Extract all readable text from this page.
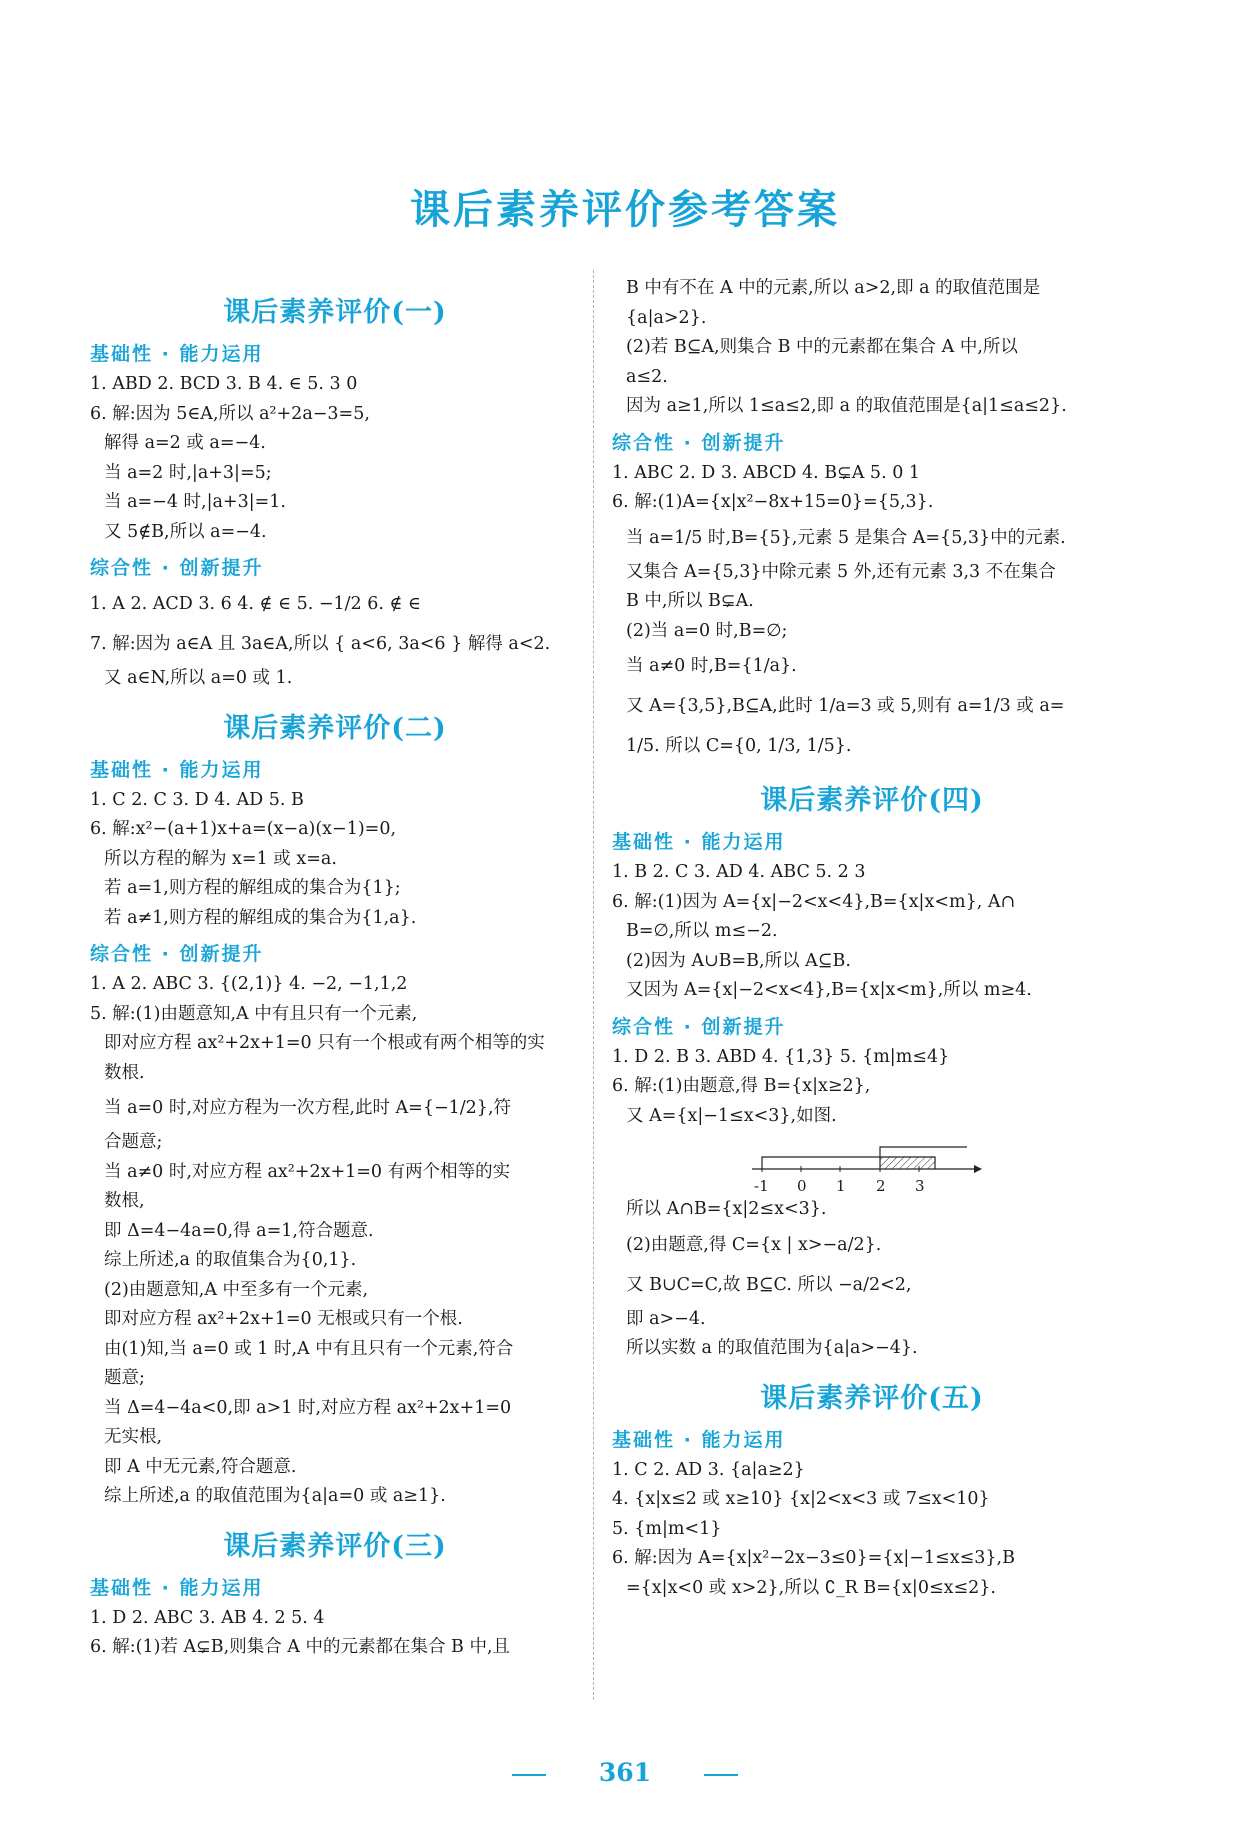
课后素养评价参考答案
课后素养评价(一)
基础性 · 能力运用
1. ABD 2. BCD 3. B 4. ∈ 5. 3 0
6. 解:因为 5∈A,所以 a²+2a−3=5,
解得 a=2 或 a=−4.
当 a=2 时,|a+3|=5;
当 a=−4 时,|a+3|=1.
又 5∉B,所以 a=−4.
综合性 · 创新提升
1. A 2. ACD 3. 6 4. ∉ ∈ 5. −1/2 6. ∉ ∈
7. 解:因为 a∈A 且 3a∈A,所以 { a<6, 3a<6 } 解得 a<2.
又 a∈N,所以 a=0 或 1.
课后素养评价(二)
基础性 · 能力运用
1. C 2. C 3. D 4. AD 5. B
6. 解:x²−(a+1)x+a=(x−a)(x−1)=0,
所以方程的解为 x=1 或 x=a.
若 a=1,则方程的解组成的集合为{1};
若 a≠1,则方程的解组成的集合为{1,a}.
综合性 · 创新提升
1. A 2. ABC 3. {(2,1)} 4. −2, −1,1,2
5. 解:(1)由题意知,A 中有且只有一个元素,
即对应方程 ax²+2x+1=0 只有一个根或有两个相等的实
数根.
当 a=0 时,对应方程为一次方程,此时 A={−1/2},符
合题意;
当 a≠0 时,对应方程 ax²+2x+1=0 有两个相等的实
数根,
即 Δ=4−4a=0,得 a=1,符合题意.
综上所述,a 的取值集合为{0,1}.
(2)由题意知,A 中至多有一个元素,
即对应方程 ax²+2x+1=0 无根或只有一个根.
由(1)知,当 a=0 或 1 时,A 中有且只有一个元素,符合
题意;
当 Δ=4−4a<0,即 a>1 时,对应方程 ax²+2x+1=0
无实根,
即 A 中无元素,符合题意.
综上所述,a 的取值范围为{a|a=0 或 a≥1}.
课后素养评价(三)
基础性 · 能力运用
1. D 2. ABC 3. AB 4. 2 5. 4
6. 解:(1)若 A⊊B,则集合 A 中的元素都在集合 B 中,且
B 中有不在 A 中的元素,所以 a>2,即 a 的取值范围是
{a|a>2}.
(2)若 B⊆A,则集合 B 中的元素都在集合 A 中,所以
a≤2.
因为 a≥1,所以 1≤a≤2,即 a 的取值范围是{a|1≤a≤2}.
综合性 · 创新提升
1. ABC 2. D 3. ABCD 4. B⊊A 5. 0 1
6. 解:(1)A={x|x²−8x+15=0}={5,3}.
当 a=1/5 时,B={5},元素 5 是集合 A={5,3}中的元素.
又集合 A={5,3}中除元素 5 外,还有元素 3,3 不在集合
B 中,所以 B⊊A.
(2)当 a=0 时,B=∅;
当 a≠0 时,B={1/a}.
又 A={3,5},B⊆A,此时 1/a=3 或 5,则有 a=1/3 或 a=
1/5. 所以 C={0, 1/3, 1/5}.
课后素养评价(四)
基础性 · 能力运用
1. B 2. C 3. AD 4. ABC 5. 2 3
6. 解:(1)因为 A={x|−2<x<4},B={x|x<m}, A∩
B=∅,所以 m≤−2.
(2)因为 A∪B=B,所以 A⊆B.
又因为 A={x|−2<x<4},B={x|x<m},所以 m≥4.
综合性 · 创新提升
1. D 2. B 3. ABD 4. {1,3} 5. {m|m≤4}
6. 解:(1)由题意,得 B={x|x≥2},
又 A={x|−1≤x<3},如图.
-1 0 1 2 3
所以 A∩B={x|2≤x<3}.
(2)由题意,得 C={x | x>−a/2}.
又 B∪C=C,故 B⊆C. 所以 −a/2<2,
即 a>−4.
所以实数 a 的取值范围为{a|a>−4}.
课后素养评价(五)
基础性 · 能力运用
1. C 2. AD 3. {a|a≥2}
4. {x|x≤2 或 x≥10} {x|2<x<3 或 7≤x<10}
5. {m|m<1}
6. 解:因为 A={x|x²−2x−3≤0}={x|−1≤x≤3},B
={x|x<0 或 x>2},所以 ∁_R B={x|0≤x≤2}.
361
